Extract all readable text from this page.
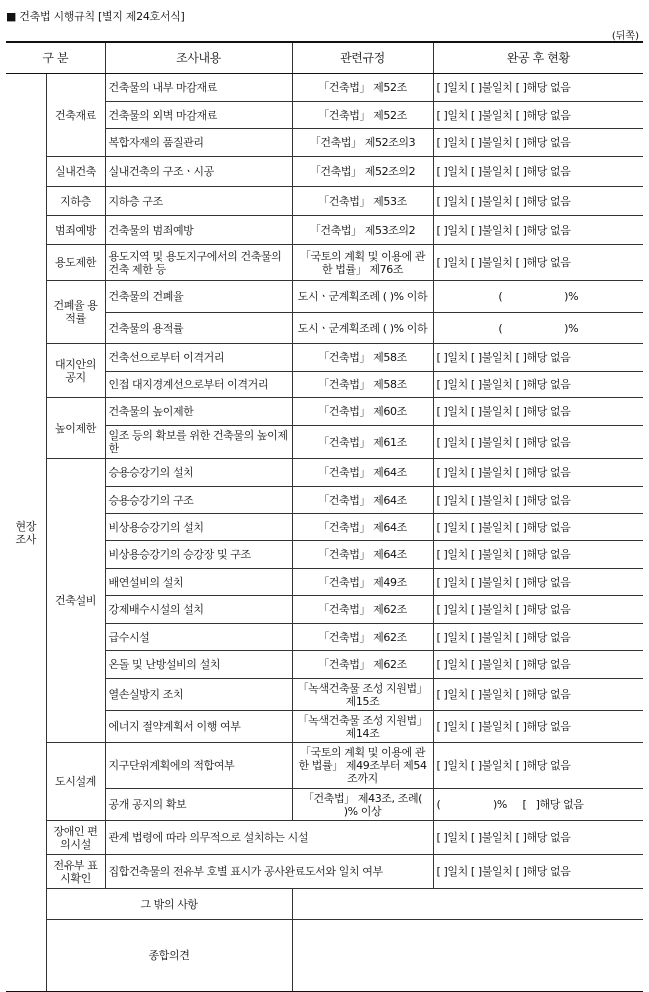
■ 건축법 시행규칙 [별지 제24호서식]
(뒤쪽)
구 분		조사내용	관련규정	완공 후 현황
현장 조사	건축재료	건축물의 내부 마감재료	「건축법」 제52조	[ ]일치 [ ]불일치 [ ]해당 없음
		건축물의 외벽 마감재료	「건축법」 제52조	[ ]일치 [ ]불일치 [ ]해당 없음
		복합자재의 품질관리	「건축법」 제52조의3	[ ]일치 [ ]불일치 [ ]해당 없음
	실내건축	실내건축의 구조ㆍ시공	「건축법」 제52조의2	[ ]일치 [ ]불일치 [ ]해당 없음
	지하층	지하층 구조	「건축법」 제53조	[ ]일치 [ ]불일치 [ ]해당 없음
	범죄예방	건축물의 범죄예방	「건축법」 제53조의2	[ ]일치 [ ]불일치 [ ]해당 없음
	용도제한	용도지역 및 용도지구에서의 건축물의 건축 제한 등	「국토의 계획 및 이용에 관한 법률」 제76조	[ ]일치 [ ]불일치 [ ]해당 없음
	건폐율 용적률	건축물의 건폐율	도시ㆍ군계획조례 ( )% 이하	(                    )%
		건축물의 용적률	도시ㆍ군계획조례 ( )% 이하	(                    )%
	대지안의 공지	건축선으로부터 이격거리	「건축법」 제58조	[ ]일치 [ ]불일치 [ ]해당 없음
		인접 대지경계선으로부터 이격거리	「건축법」 제58조	[ ]일치 [ ]불일치 [ ]해당 없음
	높이제한	건축물의 높이제한	「건축법」 제60조	[ ]일치 [ ]불일치 [ ]해당 없음
		일조 등의 확보를 위한 건축물의 높이제한	「건축법」 제61조	[ ]일치 [ ]불일치 [ ]해당 없음
	건축설비	승용승강기의 설치	「건축법」 제64조	[ ]일치 [ ]불일치 [ ]해당 없음
		승용승강기의 구조	「건축법」 제64조	[ ]일치 [ ]불일치 [ ]해당 없음
		비상용승강기의 설치	「건축법」 제64조	[ ]일치 [ ]불일치 [ ]해당 없음
		비상용승강기의 승강장 및 구조	「건축법」 제64조	[ ]일치 [ ]불일치 [ ]해당 없음
		배연설비의 설치	「건축법」 제49조	[ ]일치 [ ]불일치 [ ]해당 없음
		강제배수시설의 설치	「건축법」 제62조	[ ]일치 [ ]불일치 [ ]해당 없음
		급수시설	「건축법」 제62조	[ ]일치 [ ]불일치 [ ]해당 없음
		온돌 및 난방설비의 설치	「건축법」 제62조	[ ]일치 [ ]불일치 [ ]해당 없음
		열손실방지 조치	「녹색건축물 조성 지원법」 제15조	[ ]일치 [ ]불일치 [ ]해당 없음
		에너지 절약계획서 이행 여부	「녹색건축물 조성 지원법」 제14조	[ ]일치 [ ]불일치 [ ]해당 없음
	도시설계	지구단위계획에의 적합여부	「국토의 계획 및 이용에 관한 법률」 제49조부터 제54조까지	[ ]일치 [ ]불일치 [ ]해당 없음
		공개 공지의 확보	「건축법」 제43조, 조례( )% 이상	(                 )%     [   ]해당 없음
	장애인 편의시설	관계 법령에 따라 의무적으로 설치하는 시설		[ ]일치 [ ]불일치 [ ]해당 없음
	전유부 표시확인	집합건축물의 전유부 호별 표시가 공사완료도서와 일치 여부		[ ]일치 [ ]불일치 [ ]해당 없음
	그 밖의 사항			
	종합의견			
